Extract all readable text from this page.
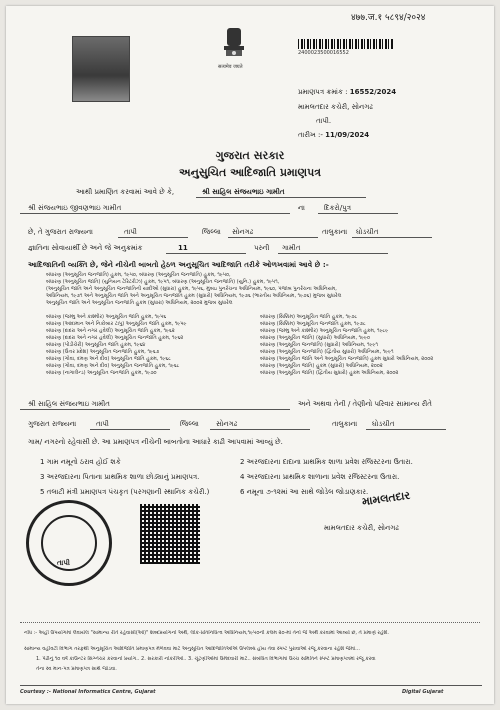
४७७.ज.१ ५८९४/२०२४
सत्यमेव जयते
2400023500016552
પ્રમાણપત્ર ક્રમાંક : 16552/2024
મામલતદાર કચેરી, સોનગઢ
તાપી.
તારીખ :- 11/09/2024
ગુજરાત સરકાર
અનુસુચિત આદિજાતિ પ્રમાણપત્ર
આથી પ્રમાણિત કરવામાં આવે છે કે,	શ્રી સાહિલ સંજયભાઇ ગામીત
શ્રી સંજયભાઇ જીવણભાઇ ગામીત	ના	દિકરો/પુત્ર
છે, તે ગુજરાત રાજ્યના	તાપી	જિલ્લા સોનગઢ	તાલુકાના ઘોડચીત
જ્ઞાતિના સોવાયાર્થી છે અને જે અનુક્રમાંક	11	પરની ગામીત
આદિજાતિની વ્યક્તિ છે, જેને નીચેની બાબતો હેઠળ અનુસૂચિત આદિજાતિ તરીકે ઓળખવામાં આવે છે :-
બંધારણ (અનુસૂચિત જનજાતિ) હુકમ, ૧૯૫૦, બંધારણ (અનુસૂચિત જનજાતિ) હુકમ, ૧૯૫૦,
બંધારણ (અનુસૂચિત જાતિ) (યુનિયન ટેરિટરીઝ) હુકમ, ૧૯૫૧, બંધારણ (અનુસૂચિત જનજાતિ) (યુનિ.) હુકમ, ૧૯૫૧,
(અનુસૂચિત જાતિ અને અનુસૂચિત જનજાતિની યાદીઓ (સુધારા) હુકમ, ૧૯૫૬, મુંબઇ પુનર્રચના અધિનિયમ, ૧૯૬૦, પંજાબ પુનર્રચના અધિનિયમ,
અધિનિયમ, ૧૯૭૧ અને અનુસૂચિત જાતિ અને અનુસૂચિત જનજાતિ હુકમ (સુધારો) અધિનિયમ, ૧૯૭૬ (ભારતીય અધિનિયમ, ૧૯૭૬) મુજબ સુધારેલ
અનુસૂચિત જાતિ અને અનુસૂચિત જનજાતિ હુકમ (સુધારા) અધિનિયમ, ૨૦૦૨ મુજબ સુધારેલ
બંધારણ (જમ્મુ અને કાશ્મીર) અનુસૂચિત જાતિ હુકમ, ૧૯૫૬
બંધારણ (આંદામાન અને નિકોબાર ટાપુ) અનુસૂચિત જાતિ હુકમ, ૧૯૫૯
બંધારણ (દાદરા અને નગર હવેલી) અનુસૂચિત જાતિ હુકમ, ૧૯૬૨
બંધારણ (દાદરા અને નગર હવેલી) અનુસૂચિત જનજાતિ હુકમ, ૧૯૬૨
બંધારણ (પોંડીચેરી) અનુસૂચિત જાતિ હુકમ, ૧૯૬૪
બંધારણ (ઉત્તર પ્રદેશ) અનુસૂચિત જનજાતિ હુકમ, ૧૯૬૭
બંધારણ (ગોવા, દમણ અને દીવ) અનુસૂચિત જાતિ હુકમ, ૧૯૬૮
બંધારણ (ગોવા, દમણ અને દીવ) અનુસૂચિત જનજાતિ હુકમ, ૧૯૬૮
બંધારણ (નાગાલેન્ડ) અનુસૂચિત જનજાતિ હુકમ, ૧૯૭૦
બંધારણ (સિક્કિમ) અનુસૂચિત જાતિ હુકમ, ૧૯૭૮
બંધારણ (સિક્કિમ) અનુસૂચિત જનજાતિ હુકમ, ૧૯૭૮
બંધારણ (જમ્મુ અને કાશ્મીર) અનુસૂચિત જનજાતિ હુકમ, ૧૯૮૯
બંધારણ (અનુસૂચિત જાતિ) (સુધારો) અધિનિયમ, ૧૯૯૦
બંધારણ (અનુસૂચિત જનજાતિ) (સુધારો) અધિનિયમ, ૧૯૯૧
બંધારણ (અનુસૂચિત જનજાતિ) (દ્વિતીય સુધારો) અધિનિયમ, ૧૯૯૧
બંધારણ (અનુસૂચિત જાતિ અને અનુસૂચિત જનજાતિ) હુકમ સુધારો અધિનિયમ, ૨૦૦૨
બંધારણ (અનુસૂચિત જાતિ) હુકમ (સુધારો) અધિનિયમ, ૨૦૦૨
બંધારણ (અનુસૂચિત જાતિ) (દ્વિતીય સુધારો) હુકમ અધિનિયમ, ૨૦૦૨
શ્રી સાહિલ સંજયભાઇ ગામીત	અને અથવા તેની / તેણીનો પરિવાર સામાન્ય રીતે
ગુજરાત રાજ્યના	તાપી	જિલ્લા સોનગઢ	તાલુકાના ઘોડચીત
ગામ/ નગરનો રહેવાસી છે. આ પ્રમાણપત્ર નીચેની બાબતોના આધારે કાઢી આપવામાં આવ્યું છે.
1 ગામ નમૂનો ઠરાવ હોઈ શકે	2 અરજદારના દાદાના પ્રાથમિક શાળા પ્રવેશ રજિસ્ટરના ઉતારા.
3 અરજદારના પિતાના પ્રાથમિક શાળા છોડ્યાનું પ્રમાણપત્ર.	4 અરજદારના પ્રાથમિક શાળાના પ્રવેશ રજિસ્ટરના ઉતારા.
5 તલાટી મંત્રી પ્રમાણપત્ર પંચકૃત (પરગણાની સ્થાનિક કચેરી.)	6 નમૂના ૭-૧૨માં આ સાથે જોડેલ જોડાણકાર.
તાપી
મામલતદાર
મામલતદાર કચેરી, સોનગઢ
નોંધ :- અહીં ઉપયોગમાં લેવાયેલ "સામાન્ય રીતે રહેવાસી(ઓ)" શબ્દપ્રયોગનો અર્થ, લોક-પ્રતિનિધિત્વ અધિનિયમ,૧૯૫૦ની કલમ ૨૦-માં તેનો જે અર્થ કરવામાં આવ્યો છે, તે પ્રમાણે રહેશે.
સામાન્ય વહીવટી વિભાગ તરફથી અનુસૂચિત આદિજાતિ પ્રમાણપત્ર મેળવવા માટે અનુસૂચિત આદિજાતિઓએ ઉપલબ્ધ હોય તેવા સ્પષ્ટ પુરાવાઓ રજૂ કરવાના રહેશે જેમાં...
1. પેઢીનું ૧૦ વર્ષ કાઉન્ટર સિગ્નેચર કરવાનો પ્રયોગ.. 2. સરકારી નોકરીઓ.. 3. ચૂંટણીઓમાં ઉમેદવારી માટે.. સંબંધિત વિભાગમાં ઉચ્ચ સમિતિને સ્પષ્ટ પ્રમાણપત્રમાં રજૂ કરવા
તેના સ્વ માન-પત્ર પ્રમાણપત્ર સાથે જોડવા.
Courtesy :- National Informatics Centre, Gujarat	Digital Gujarat
